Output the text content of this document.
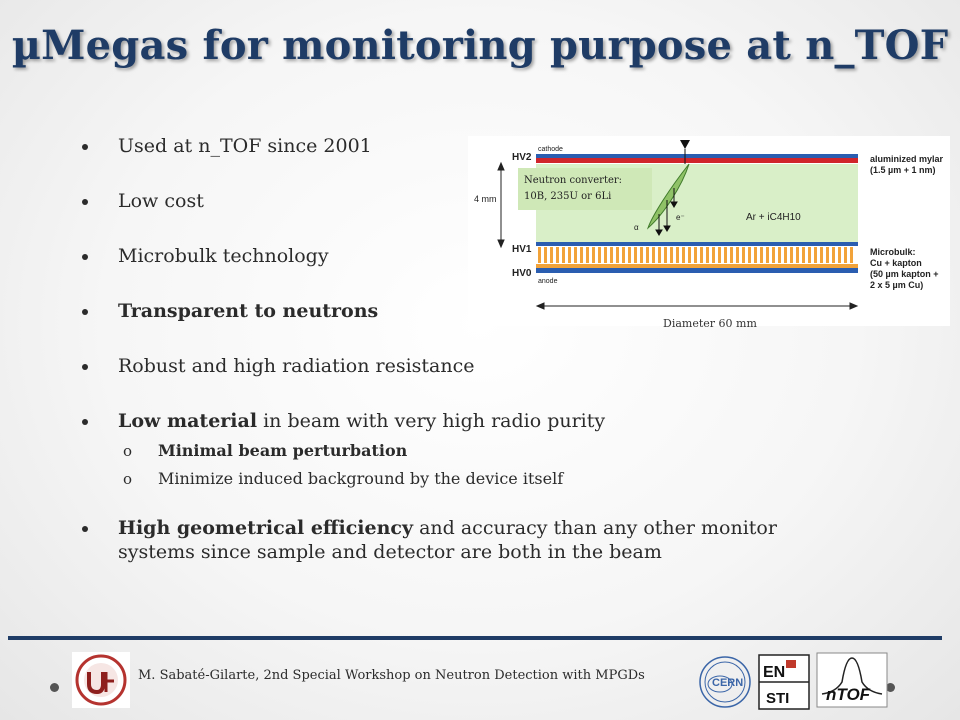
µMegas for monitoring purpose at n_TOF
Used at n_TOF since 2001
Low cost
Microbulk technology
Transparent to neutrons
Robust and high radiation resistance
Low material in beam with very high radio purity
o Minimal beam perturbation
o Minimize induced background by the device itself
High geometrical efficiency and accuracy than any other monitor systems since sample and detector are both in the beam
HV2
cathode
HV1
HV0
anode
4 mm
Neutron converter:
10B, 235U or 6Li
α
e⁻	Ar + iC4H10
aluminized mylar
(1.5 µm + 1 nm)
Microbulk:
Cu + kapton
(50 µm kapton +
2 x 5 µm Cu)
Diameter 60 mm
M. Sabaté-Gilarte, 2nd Special Workshop on Neutron Detection with MPGDs	CERN
EN
STI nTOF
